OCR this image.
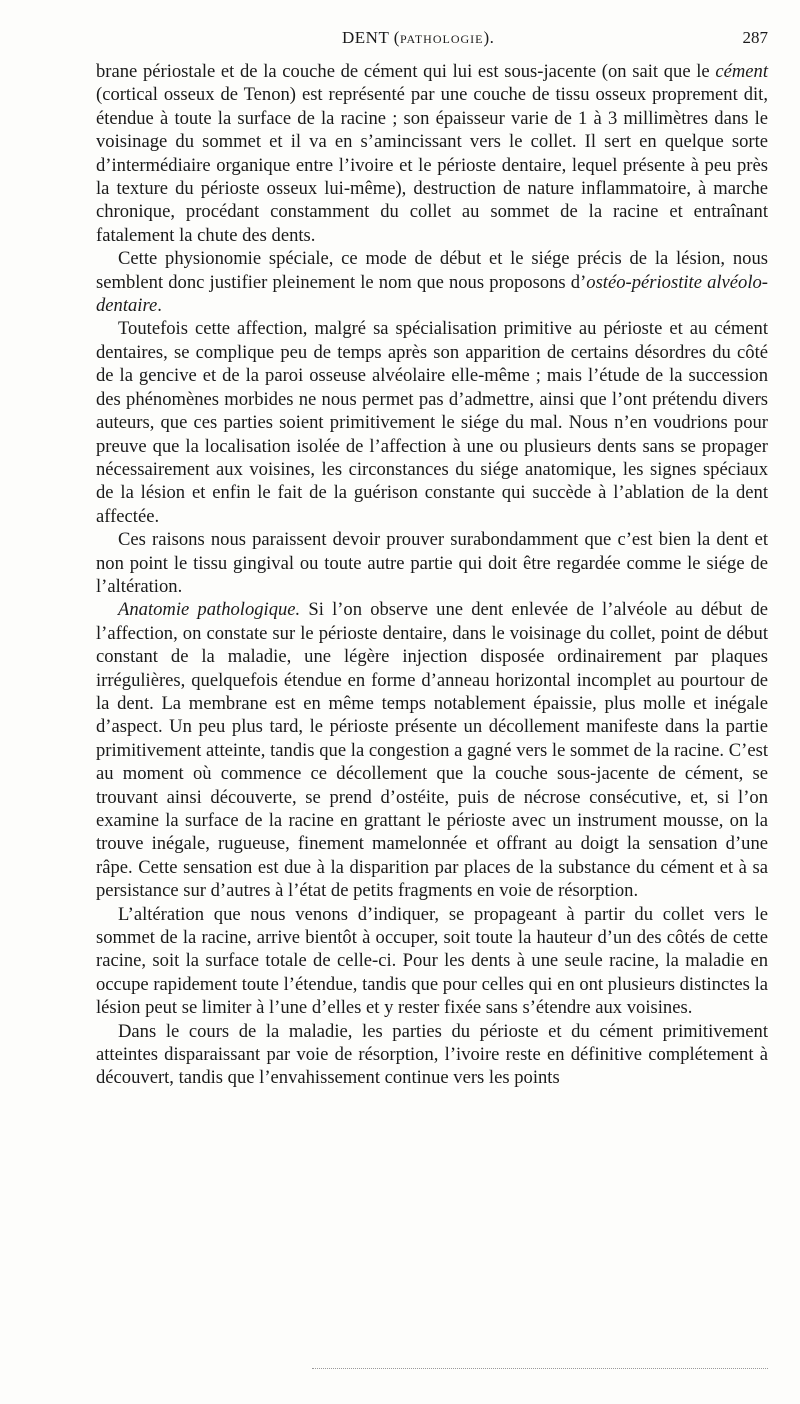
DENT (PATHOLOGIE).	287

brane périostale et de la couche de cément qui lui est sous-jacente (on sait que le cément (cortical osseux de Tenon) est représenté par une couche de tissu osseux proprement dit, étendue à toute la surface de la racine ; son épaisseur varie de 1 à 3 millimètres dans le voisinage du sommet et il va en s’amincissant vers le collet. Il sert en quelque sorte d’intermédiaire organique entre l’ivoire et le périoste dentaire, lequel présente à peu près la texture du périoste osseux lui-même), destruction de nature inflammatoire, à marche chronique, procédant constamment du collet au sommet de la racine et entraînant fatalement la chute des dents.

Cette physionomie spéciale, ce mode de début et le siége précis de la lésion, nous semblent donc justifier pleinement le nom que nous proposons d’ostéo-périostite alvéolo-dentaire.

Toutefois cette affection, malgré sa spécialisation primitive au périoste et au cément dentaires, se complique peu de temps après son apparition de certains désordres du côté de la gencive et de la paroi osseuse alvéolaire elle-même ; mais l’étude de la succession des phénomènes morbides ne nous permet pas d’admettre, ainsi que l’ont prétendu divers auteurs, que ces parties soient primitivement le siége du mal. Nous n’en voudrions pour preuve que la localisation isolée de l’affection à une ou plusieurs dents sans se propager nécessairement aux voisines, les circonstances du siége anatomique, les signes spéciaux de la lésion et enfin le fait de la guérison constante qui succède à l’ablation de la dent affectée.

Ces raisons nous paraissent devoir prouver surabondamment que c’est bien la dent et non point le tissu gingival ou toute autre partie qui doit être regardée comme le siége de l’altération.

Anatomie pathologique. Si l’on observe une dent enlevée de l’alvéole au début de l’affection, on constate sur le périoste dentaire, dans le voisinage du collet, point de début constant de la maladie, une légère injection disposée ordinairement par plaques irrégulières, quelquefois étendue en forme d’anneau horizontal incomplet au pourtour de la dent. La membrane est en même temps notablement épaissie, plus molle et inégale d’aspect. Un peu plus tard, le périoste présente un décollement manifeste dans la partie primitivement atteinte, tandis que la congestion a gagné vers le sommet de la racine. C’est au moment où commence ce décollement que la couche sous-jacente de cément, se trouvant ainsi découverte, se prend d’ostéite, puis de nécrose consécutive, et, si l’on examine la surface de la racine en grattant le périoste avec un instrument mousse, on la trouve inégale, rugueuse, finement mamelonnée et offrant au doigt la sensation d’une râpe. Cette sensation est due à la disparition par places de la substance du cément et à sa persistance sur d’autres à l’état de petits fragments en voie de résorption.

L’altération que nous venons d’indiquer, se propageant à partir du collet vers le sommet de la racine, arrive bientôt à occuper, soit toute la hauteur d’un des côtés de cette racine, soit la surface totale de celle-ci. Pour les dents à une seule racine, la maladie en occupe rapidement toute l’étendue, tandis que pour celles qui en ont plusieurs distinctes la lésion peut se limiter à l’une d’elles et y rester fixée sans s’étendre aux voisines.

Dans le cours de la maladie, les parties du périoste et du cément primitivement atteintes disparaissant par voie de résorption, l’ivoire reste en définitive complétement à découvert, tandis que l’envahissement continue vers les points
